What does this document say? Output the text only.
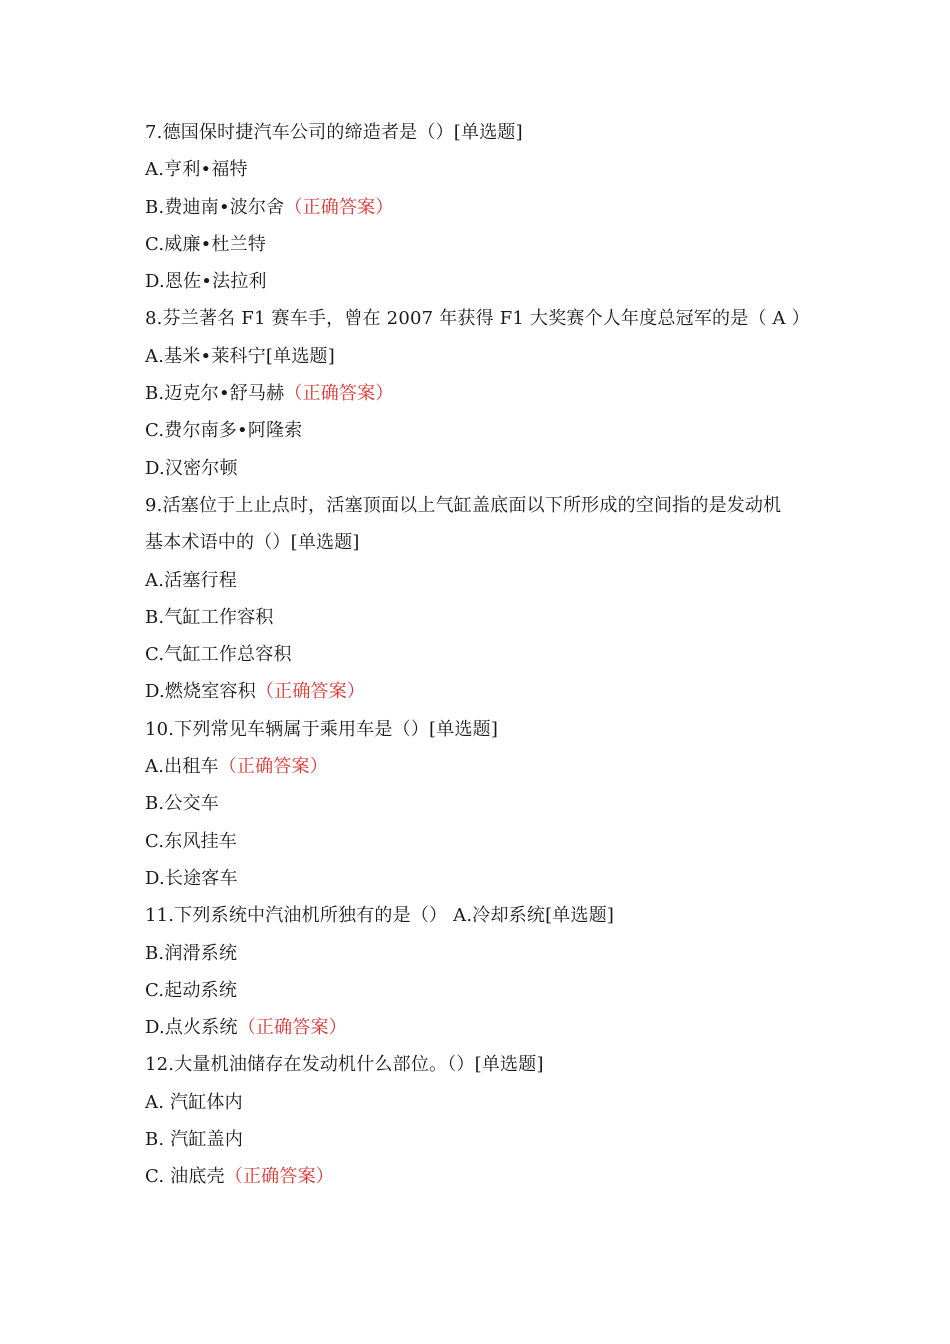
7.德国保时捷汽车公司的缔造者是（）[单选题]
A.亨利•福特
B.费迪南•波尔舍（正确答案）
C.威廉•杜兰特
D.恩佐•法拉利
8.芬兰著名 F1 赛车手，曾在 2007 年获得 F1 大奖赛个人年度总冠军的是（ A ）
A.基米•莱科宁[单选题]
B.迈克尔•舒马赫（正确答案）
C.费尔南多•阿隆索
D.汉密尔顿
9.活塞位于上止点时，活塞顶面以上气缸盖底面以下所形成的空间指的是发动机
基本术语中的（）[单选题]
A.活塞行程
B.气缸工作容积
C.气缸工作总容积
D.燃烧室容积（正确答案）
10.下列常见车辆属于乘用车是（）[单选题]
A.出租车（正确答案）
B.公交车
C.东风挂车
D.长途客车
11.下列系统中汽油机所独有的是（） A.冷却系统[单选题]
B.润滑系统
C.起动系统
D.点火系统（正确答案）
12.大量机油储存在发动机什么部位。（）[单选题]
A. 汽缸体内
B. 汽缸盖内
C. 油底壳（正确答案）
